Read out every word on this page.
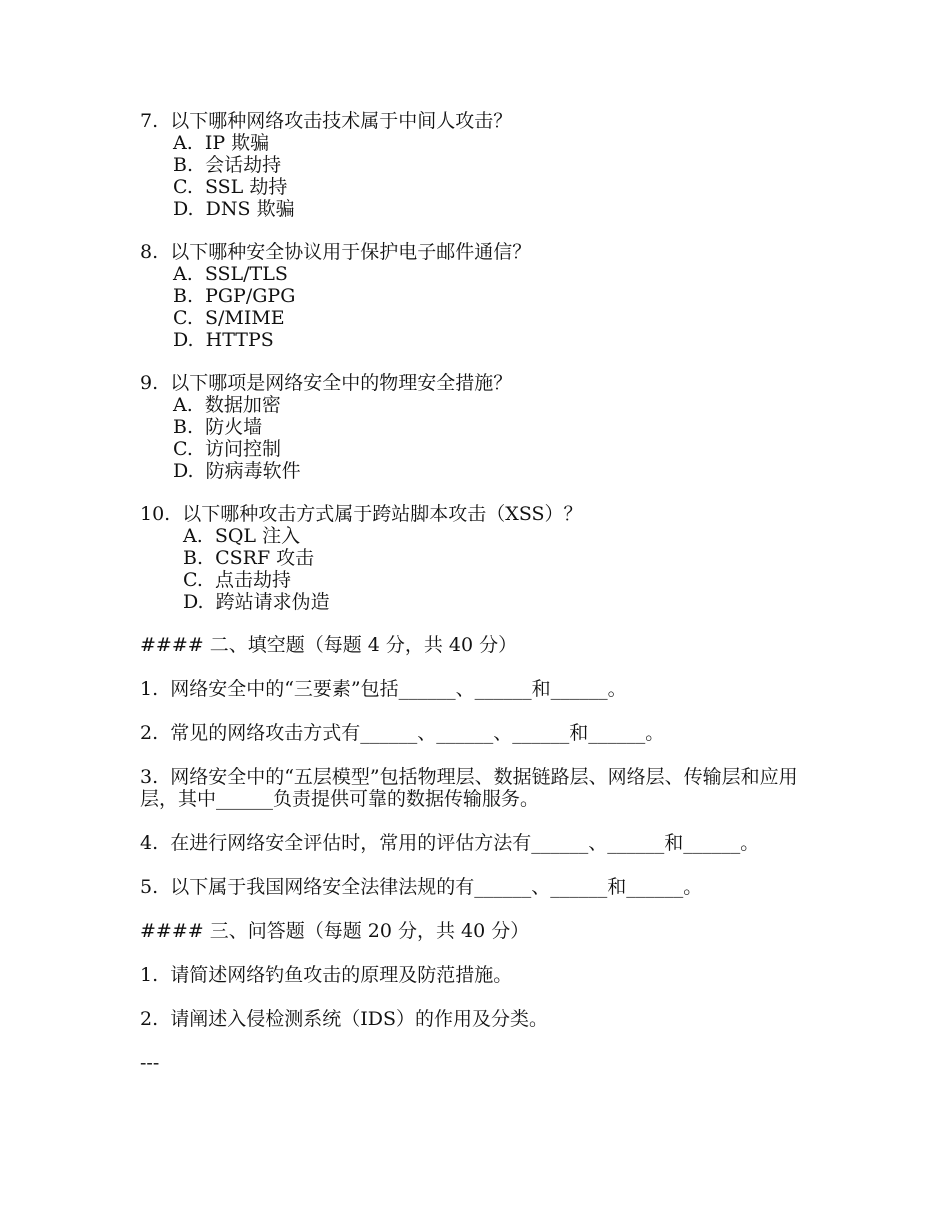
7.  以下哪种网络攻击技术属于中间人攻击？
A.  IP 欺骗
B.  会话劫持
C.  SSL 劫持
D.  DNS 欺骗
8.  以下哪种安全协议用于保护电子邮件通信？
A.  SSL/TLS
B.  PGP/GPG
C.  S/MIME
D.  HTTPS
9.  以下哪项是网络安全中的物理安全措施？
A.  数据加密
B.  防火墙
C.  访问控制
D.  防病毒软件
10.  以下哪种攻击方式属于跨站脚本攻击（XSS）？
A.  SQL 注入
B.  CSRF 攻击
C.  点击劫持
D.  跨站请求伪造
#### 二、填空题（每题 4 分，共 40 分）
1.  网络安全中的“三要素”包括______、______和______。
2.  常见的网络攻击方式有______、______、______和______。
3.  网络安全中的“五层模型”包括物理层、数据链路层、网络层、传输层和应用层，其中______负责提供可靠的数据传输服务。
4.  在进行网络安全评估时，常用的评估方法有______、______和______。
5.  以下属于我国网络安全法律法规的有______、______和______。
#### 三、问答题（每题 20 分，共 40 分）
1.  请简述网络钓鱼攻击的原理及防范措施。
2.  请阐述入侵检测系统（IDS）的作用及分类。
---
